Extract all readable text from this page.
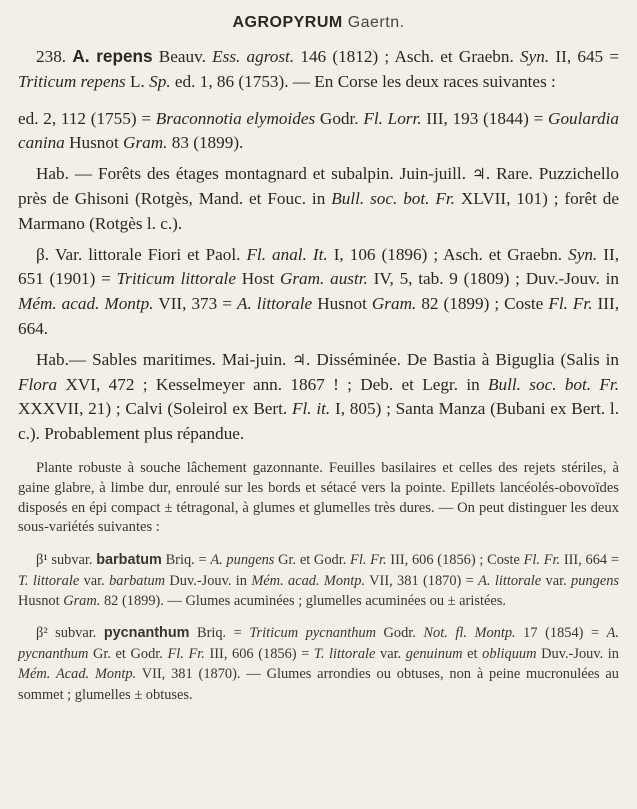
AGROPYRUM Gaertn.

238. A. repens Beauv. Ess. agrost. 146 (1812) ; Asch. et Graebn. Syn. II, 645 = Triticum repens L. Sp. ed. 1, 86 (1753). — En Corse les deux races suivantes :

ed. 2, 112 (1755) = Braconnotia elymoides Godr. Fl. Lorr. III, 193 (1844) = Goulardia canina Husnot Gram. 83 (1899).

Hab. — Forêts des étages montagnard et subalpin. Juin-juill. ♃. Rare. Puzzichello près de Ghisoni (Rotgès, Mand. et Fouc. in Bull. soc. bot. Fr. XLVII, 101) ; forêt de Marmano (Rotgès l. c.).

β. Var. littorale Fiori et Paol. Fl. anal. It. I, 106 (1896) ; Asch. et Graebn. Syn. II, 651 (1901) = Triticum littorale Host Gram. austr. IV, 5, tab. 9 (1809) ; Duv.-Jouv. in Mém. acad. Montp. VII, 373 = A. littorale Husnot Gram. 82 (1899) ; Coste Fl. Fr. III, 664.

Hab.— Sables maritimes. Mai-juin. ♃. Disséminée. De Bastia à Biguglia (Salis in Flora XVI, 472 ; Kesselmeyer ann. 1867 ! ; Deb. et Legr. in Bull. soc. bot. Fr. XXXVII, 21) ; Calvi (Soleirol ex Bert. Fl. it. I, 805) ; Santa Manza (Bubani ex Bert. l. c.). Probablement plus répandue.

Plante robuste à souche lâchement gazonnante. Feuilles basilaires et celles des rejets stériles, à gaine glabre, à limbe dur, enroulé sur les bords et sétacé vers la pointe. Epillets lancéolés-obovoïdes disposés en épi compact ± tétragonal, à glumes et glumelles très dures. — On peut distinguer les deux sous-variétés suivantes :

β¹ subvar. barbatum Briq. = A. pungens Gr. et Godr. Fl. Fr. III, 606 (1856) ; Coste Fl. Fr. III, 664 = T. littorale var. barbatum Duv.-Jouv. in Mém. acad. Montp. VII, 381 (1870) = A. littorale var. pungens Husnot Gram. 82 (1899). — Glumes acuminées ; glumelles acuminées ou ± aristées.

β² subvar. pycnanthum Briq. = Triticum pycnanthum Godr. Not. fl. Montp. 17 (1854) = A. pycnanthum Gr. et Godr. Fl. Fr. III, 606 (1856) = T. littorale var. genuinum et obliquum Duv.-Jouv. in Mém. Acad. Montp. VII, 381 (1870). — Glumes arrondies ou obtuses, non à peine mucronulées au sommet ; glumelles ± obtuses.
